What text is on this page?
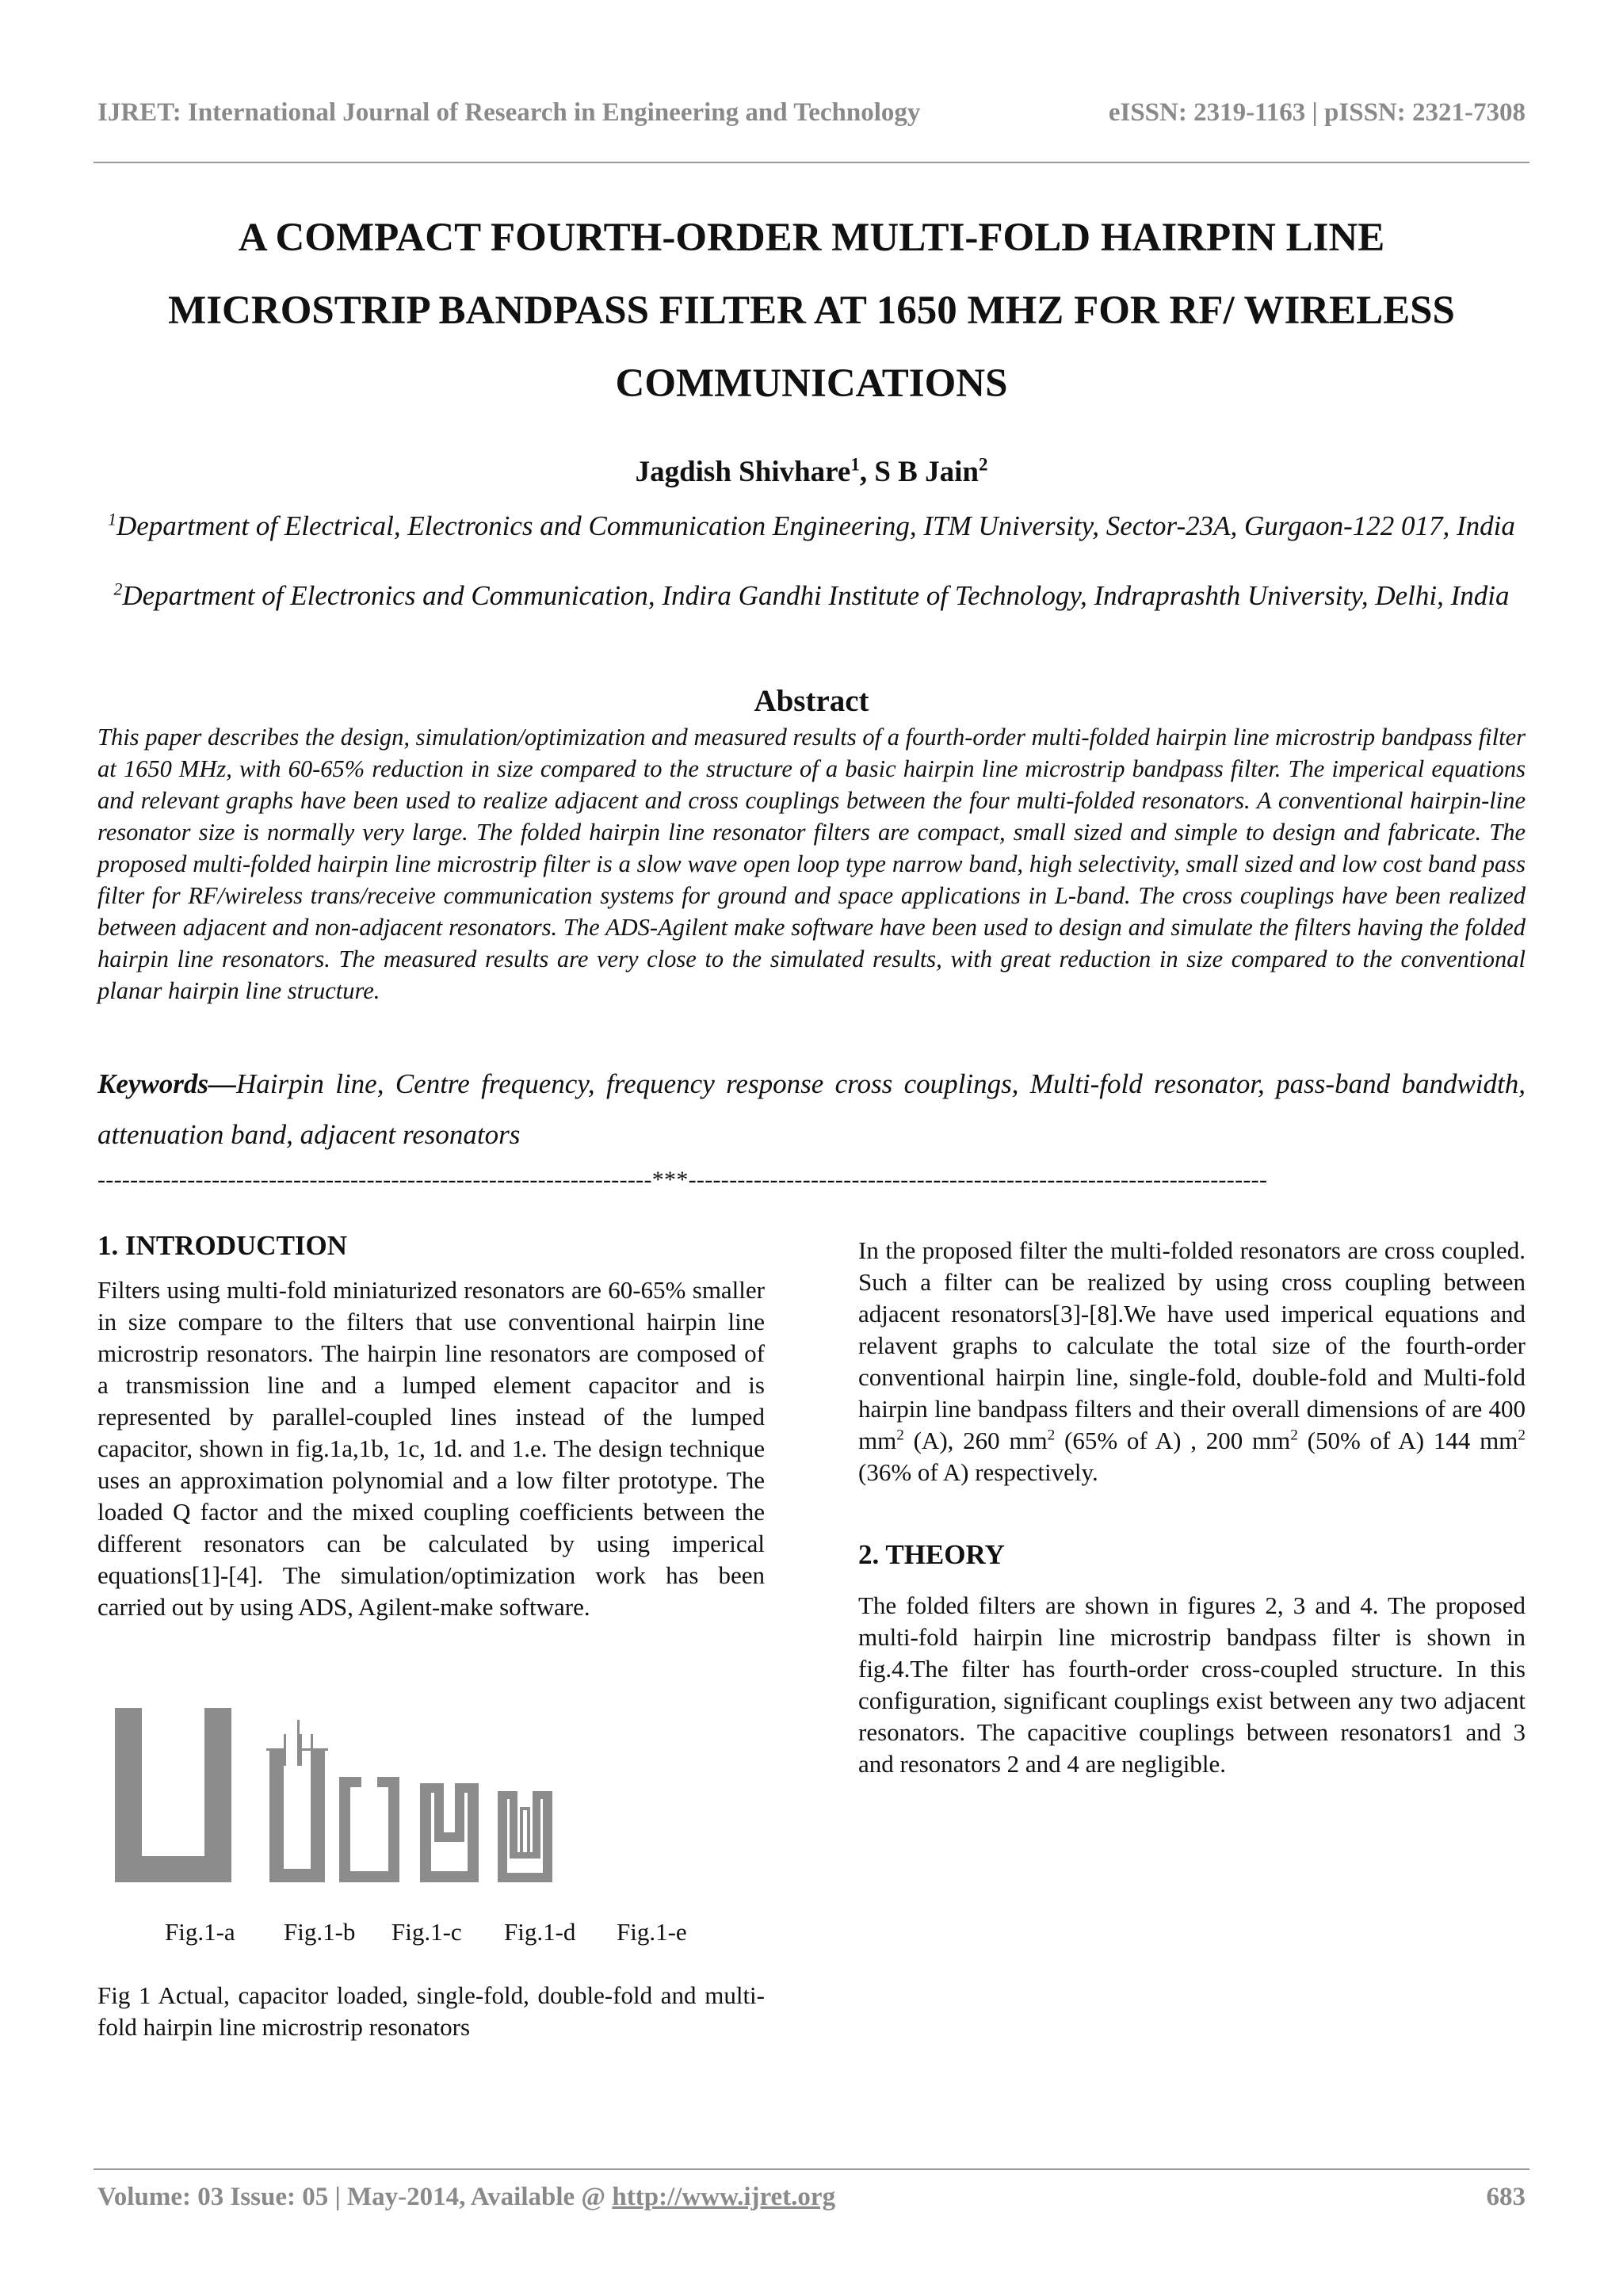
IJRET: International Journal of Research in Engineering and Technology	eISSN: 2319-1163 | pISSN: 2321-7308
A COMPACT FOURTH-ORDER MULTI-FOLD HAIRPIN LINE MICROSTRIP BANDPASS FILTER AT 1650 MHZ FOR RF/ WIRELESS COMMUNICATIONS
Jagdish Shivhare$^1$, S B Jain$^2$
$^1$Department of Electrical, Electronics and Communication Engineering, ITM University, Sector-23A, Gurgaon-122 017, India
$^2$Department of Electronics and Communication, Indira Gandhi Institute of Technology, Indraprashth University, Delhi, India
Abstract

This paper describes the design, simulation/optimization and measured results of a fourth-order multi-folded hairpin line microstrip bandpass filter at 1650 MHz, with 60-65% reduction in size compared to the structure of a basic hairpin line microstrip bandpass filter. The imperical equations and relevant graphs have been used to realize adjacent and cross couplings between the four multi-folded resonators. A conventional hairpin-line resonator size is normally very large. The folded hairpin line resonator filters are compact, small sized and simple to design and fabricate. The proposed multi-folded hairpin line microstrip filter is a slow wave open loop type narrow band, high selectivity, small sized and low cost band pass filter for RF/wireless trans/receive communication systems for ground and space applications in L-band. The cross couplings have been realized between adjacent and non-adjacent resonators. The ADS-Agilent make software have been used to design and simulate the filters having the folded hairpin line resonators. The measured results are very close to the simulated results, with great reduction in size compared to the conventional planar hairpin line structure.

Keywords—Hairpin line, Centre frequency, frequency response cross couplings, Multi-fold resonator, pass-band bandwidth, attenuation band, adjacent resonators

--------------------------------------------------------------------***-----------------------------------------------------------------------
1. INTRODUCTION

Filters using multi-fold miniaturized resonators are 60-65% smaller in size compare to the filters that use conventional hairpin line microstrip resonators. The hairpin line resonators are composed of a transmission line and a lumped element capacitor and is represented by parallel-coupled lines instead of the lumped capacitor, shown in fig.1a,1b, 1c, 1d. and 1.e. The design technique uses an approximation polynomial and a low filter prototype. The loaded Q factor and the mixed coupling coefficients between the different resonators can be calculated by using imperical equations[1]-[4]. The simulation/optimization work has been carried out by using ADS, Agilent-make software.

Fig.1-a Fig.1-b Fig.1-c Fig.1-d Fig.1-e

Fig 1 Actual, capacitor loaded, single-fold, double-fold and multi-fold hairpin line microstrip resonators

In the proposed filter the multi-folded resonators are cross coupled. Such a filter can be realized by using cross coupling between adjacent resonators[3]-[8].We have used imperical equations and relavent graphs to calculate the total size of the fourth-order conventional hairpin line, single-fold, double-fold and Multi-fold hairpin line bandpass filters and their overall dimensions of are 400 $mm^2$ (A), 260 $mm^2$ (65% of A) , 200 $mm^2$ (50% of A) 144 $mm^2$ (36% of A) respectively.

2. THEORY

The folded filters are shown in figures 2, 3 and 4. The proposed multi-fold hairpin line microstrip bandpass filter is shown in fig.4.The filter has fourth-order cross-coupled structure. In this configuration, significant couplings exist between any two adjacent resonators. The capacitive couplings between resonators1 and 3 and resonators 2 and 4 are negligible.

Volume: 03 Issue: 05 | May-2014, Available @ http://www.ijret.org	683
